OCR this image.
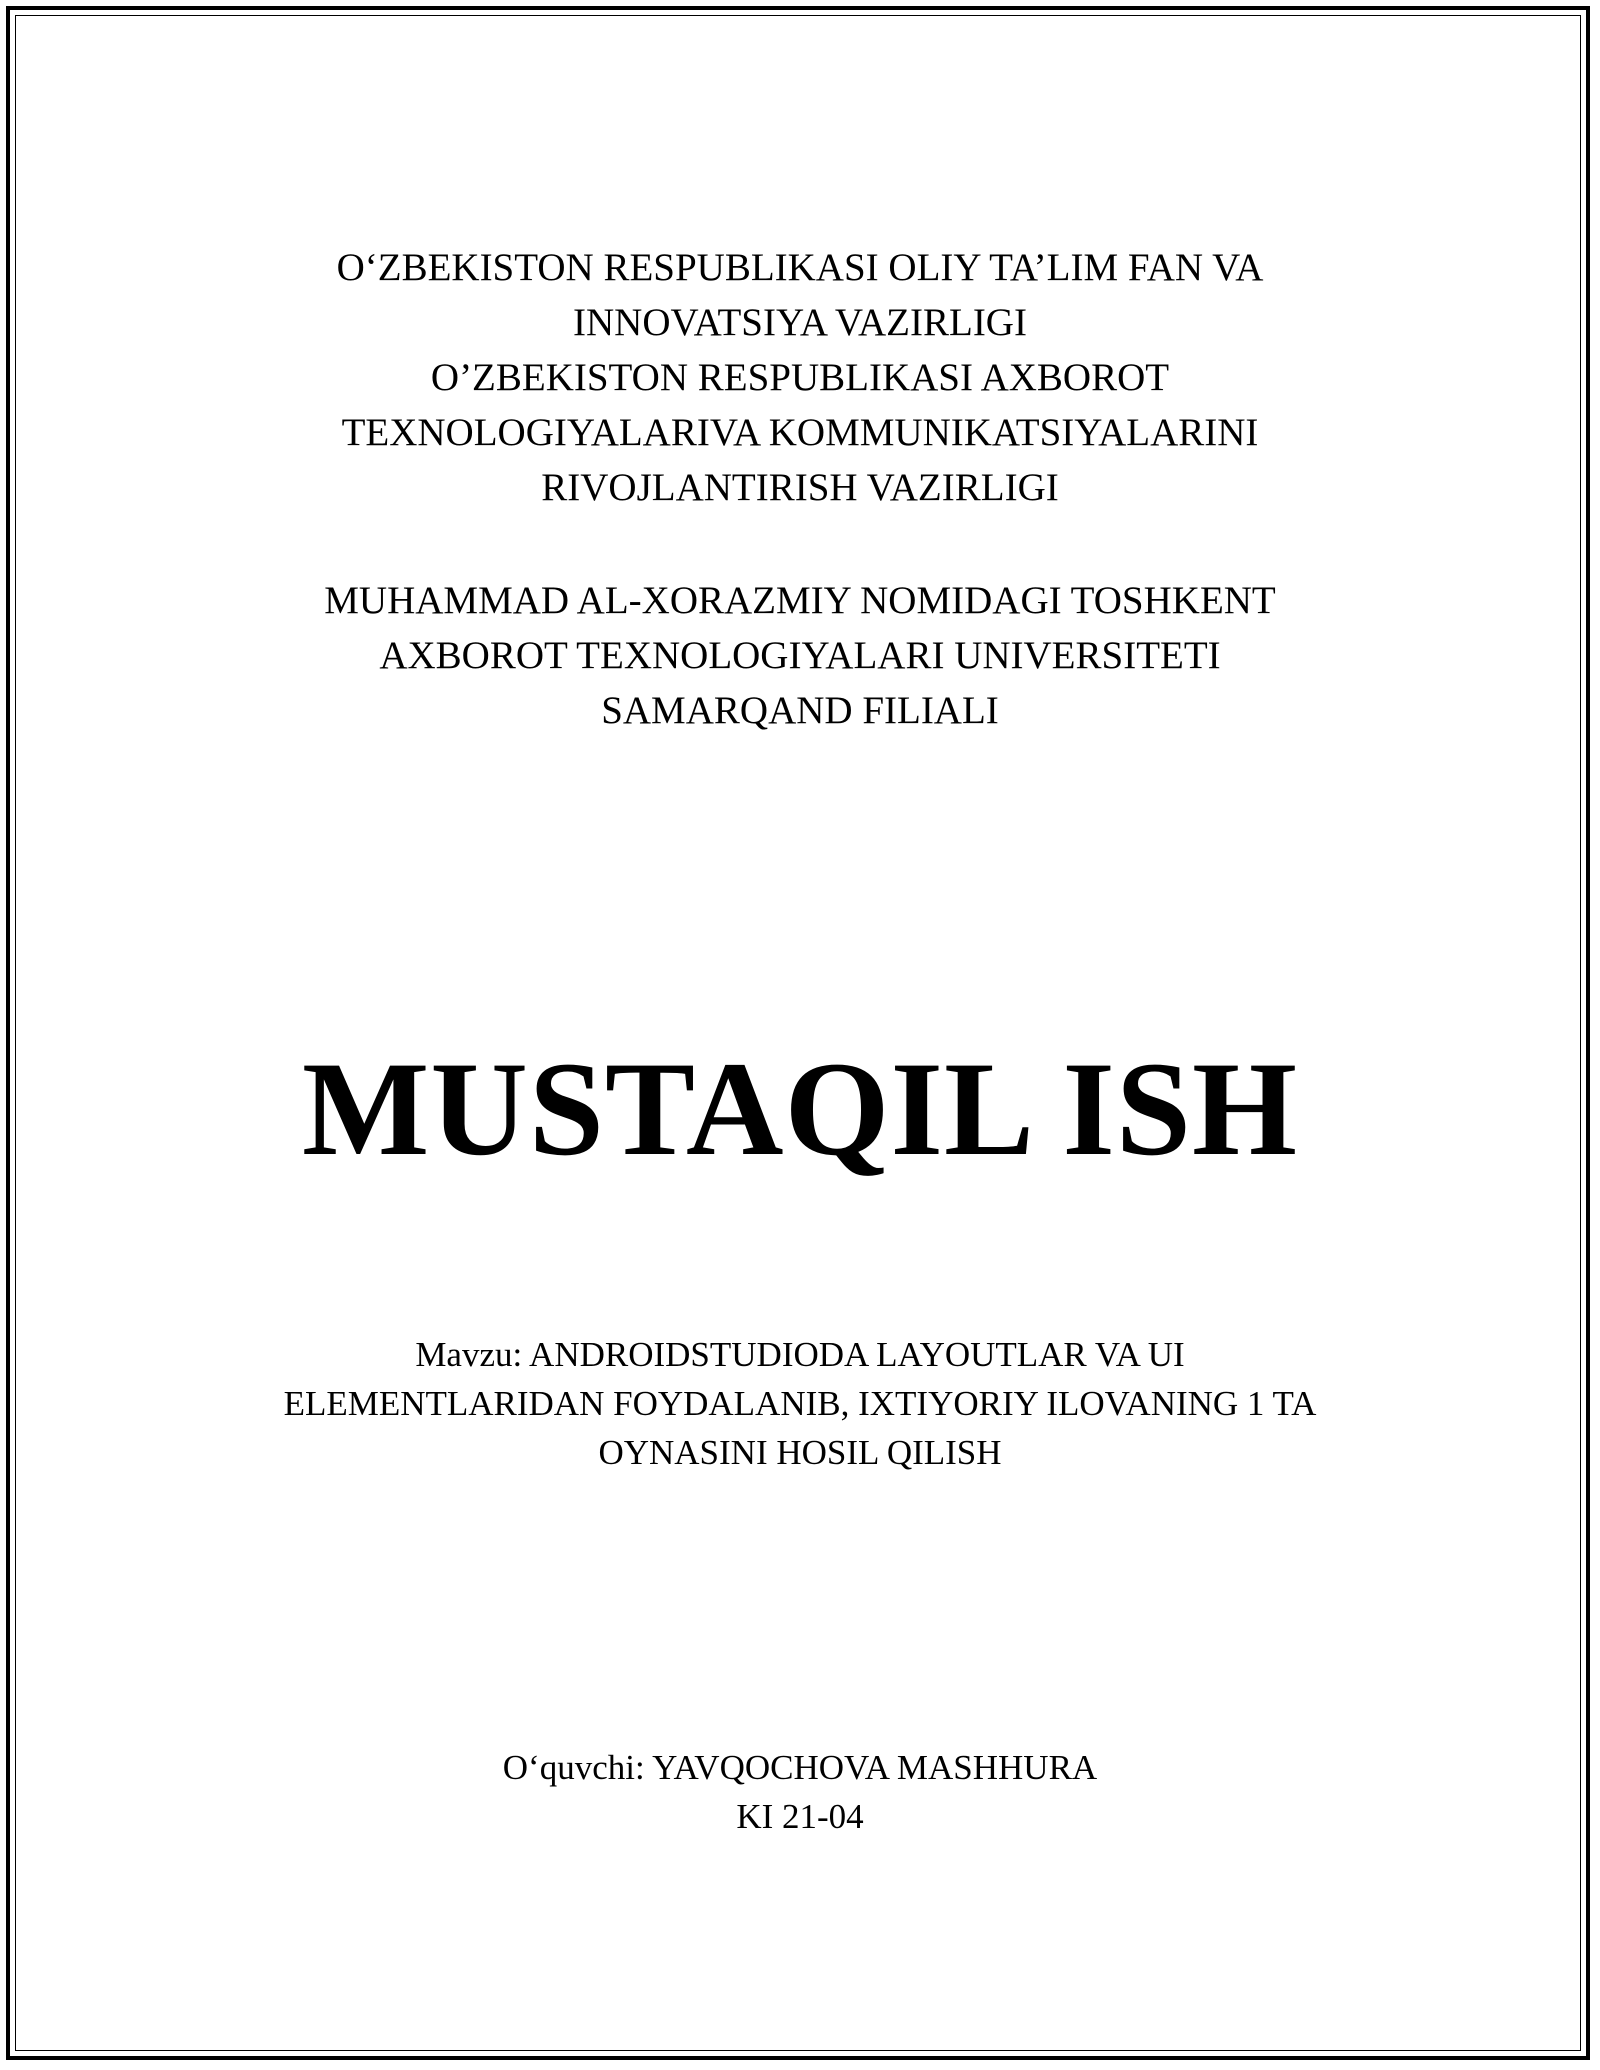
O‘ZBEKISTON RESPUBLIKASI OLIY TA’LIM FAN VA
INNOVATSIYA VAZIRLIGI
O’ZBEKISTON RESPUBLIKASI AXBOROT
TEXNOLOGIYALARIVA KOMMUNIKATSIYALARINI
RIVOJLANTIRISH VAZIRLIGI
MUHAMMAD AL-XORAZMIY NOMIDAGI TOSHKENT
AXBOROT TEXNOLOGIYALARI UNIVERSITETI
SAMARQAND FILIALI
MUSTAQIL ISH
Mavzu: ANDROIDSTUDIODA LAYOUTLAR VA UI
ELEMENTLARIDAN FOYDALANIB, IXTIYORIY ILOVANING 1 TA
OYNASINI HOSIL QILISH
O‘quvchi: YAVQOCHOVA MASHHURA
KI 21-04
